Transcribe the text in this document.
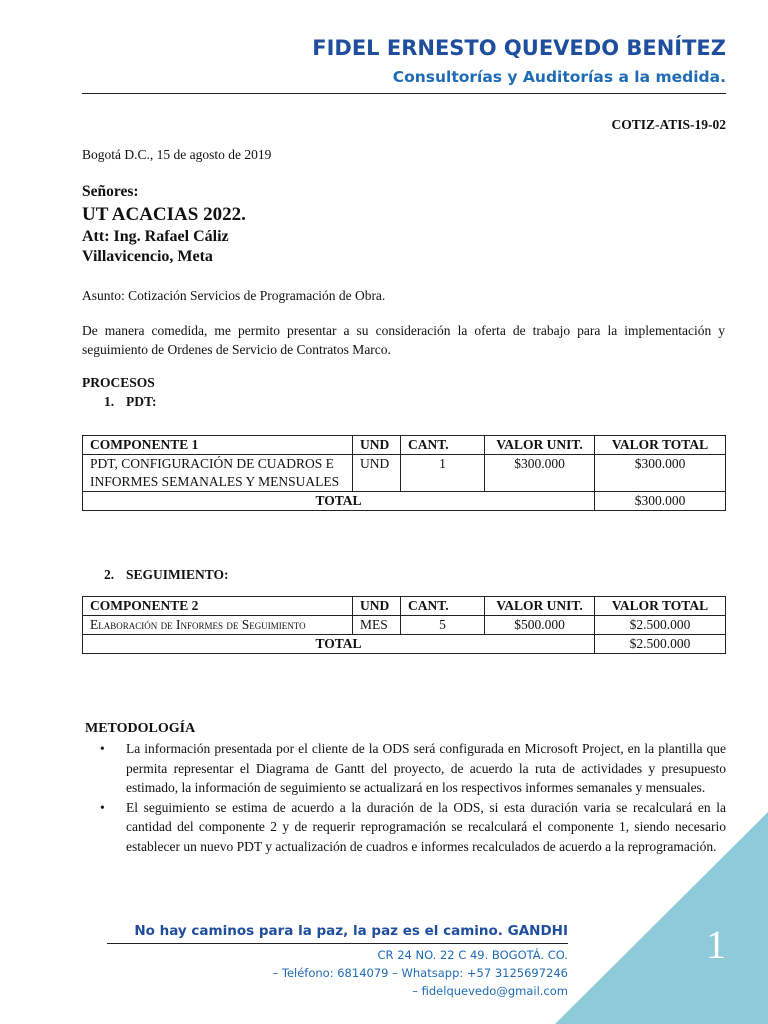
FIDEL ERNESTO QUEVEDO BENÍTEZ

Consultorías y Auditorías a la medida.

COTIZ-ATIS-19-02
Bogotá D.C., 15 de agosto de 2019
Señores:
UT ACACIAS 2022.
Att: Ing. Rafael Cáliz
Villavicencio, Meta
Asunto: Cotización Servicios de Programación de Obra.

De manera comedida, me permito presentar a su consideración la oferta de trabajo para la implementación y seguimiento de Ordenes de Servicio de Contratos Marco.

PROCESOS
1. PDT:
COMPONENTE 1	UND	CANT.	VALOR UNIT.	VALOR TOTAL
PDT, CONFIGURACIÓN DE CUADROS E INFORMES SEMANALES Y MENSUALES	UND	1	$300.000	$300.000
TOTAL				$300.000
2. SEGUIMIENTO:
COMPONENTE 2	UND	CANT.	VALOR UNIT.	VALOR TOTAL
Elaboración de Informes de Seguimiento	MES	5	$500.000	$2.500.000
TOTAL				$2.500.000
METODOLOGÍA
• La información presentada por el cliente de la ODS será configurada en Microsoft Project, en la plantilla que permita representar el Diagrama de Gantt del proyecto, de acuerdo la ruta de actividades y presupuesto estimado, la información de seguimiento se actualizará en los respectivos informes semanales y mensuales.
• El seguimiento se estima de acuerdo a la duración de la ODS, si esta duración varia se recalculará en la cantidad del componente 2 y de requerir reprogramación se recalculará el componente 1, siendo necesario establecer un nuevo PDT y actualización de cuadros e informes recalculados de acuerdo a la reprogramación.
1

No hay caminos para la paz, la paz es el camino. GANDHI

CR 24 NO. 22 C 49. BOGOTÁ. CO.

– Teléfono: 6814079 – Whatsapp: +57 3125697246

– fidelquevedo@gmail.com
